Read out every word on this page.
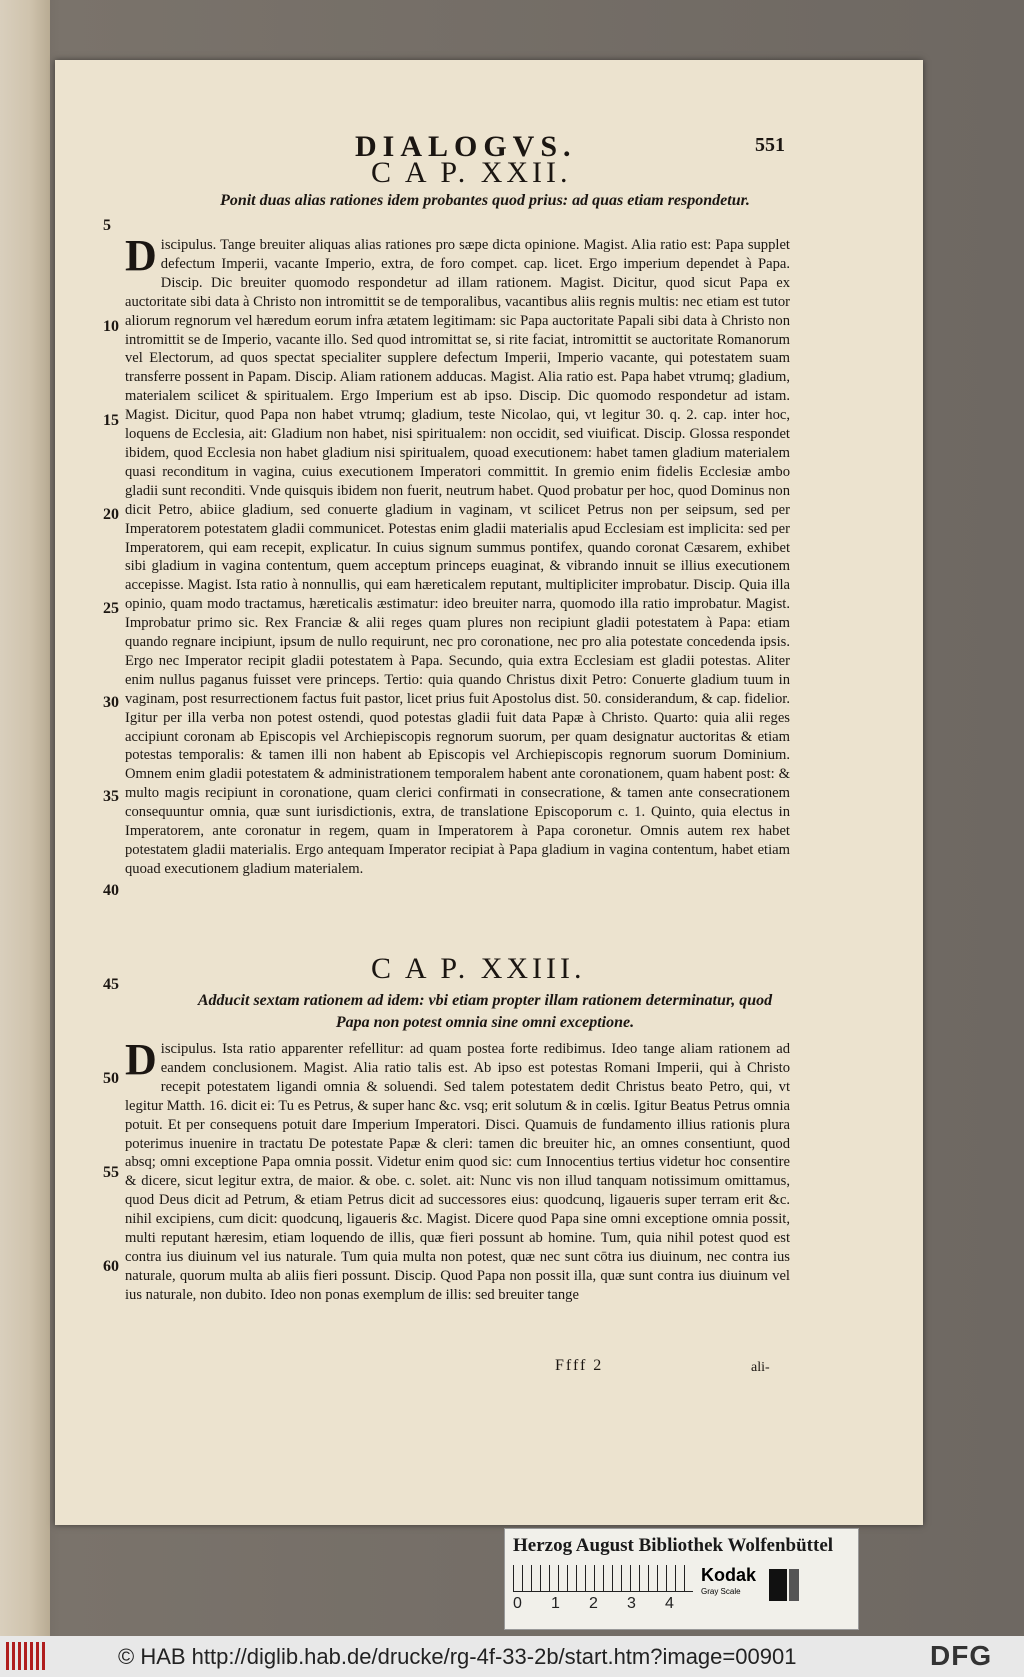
DIALOGVS.	551
C A P. XXII.
Ponit duas alias rationes idem probantes quod prius: ad quas etiam respondetur.

Discipulus. Tange breuiter aliquas alias rationes pro sæpe dicta opinione. Magist. Alia ratio est: Papa supplet defectum Imperii, vacante Imperio, extra, de foro compet. cap. licet. Ergo imperium dependet à Papa. Discip. Dic breuiter quomodo respondetur ad illam rationem. Magist. Dicitur, quod sicut Papa ex auctoritate sibi data à Christo non intromittit se de temporalibus, vacantibus aliis regnis multis: nec etiam est tutor aliorum regnorum vel hæredum eorum infra ætatem legitimam: sic Papa auctoritate Papali sibi data à Christo non intromittit se de Imperio, vacante illo. Sed quod intromittat se, si rite faciat, intromittit se auctoritate Romanorum vel Electorum, ad quos spectat specialiter supplere defectum Imperii, Imperio vacante, qui potestatem suam transferre possent in Papam. Discip. Aliam rationem adducas. Magist. Alia ratio est. Papa habet vtrumq; gladium, materialem scilicet & spiritualem. Ergo Imperium est ab ipso. Discip. Dic quomodo respondetur ad istam. Magist. Dicitur, quod Papa non habet vtrumq; gladium, teste Nicolao, qui, vt legitur 30. q. 2. cap. inter hoc, loquens de Ecclesia, ait: Gladium non habet, nisi spiritualem: non occidit, sed viuificat. Discip. Glossa respondet ibidem, quod Ecclesia non habet gladium nisi spiritualem, quoad executionem: habet tamen gladium materialem quasi reconditum in vagina, cuius executionem Imperatori committit. In gremio enim fidelis Ecclesiæ ambo gladii sunt reconditi. Vnde quisquis ibidem non fuerit, neutrum habet. Quod probatur per hoc, quod Dominus non dicit Petro, abiice gladium, sed conuerte gladium in vaginam, vt scilicet Petrus non per seipsum, sed per Imperatorem potestatem gladii communicet. Potestas enim gladii materialis apud Ecclesiam est implicita: sed per Imperatorem, qui eam recepit, explicatur. In cuius signum summus pontifex, quando coronat Cæsarem, exhibet sibi gladium in vagina contentum, quem acceptum princeps euaginat, & vibrando innuit se illius executionem accepisse. Magist. Ista ratio à nonnullis, qui eam hæreticalem reputant, multipliciter improbatur. Discip. Quia illa opinio, quam modo tractamus, hæreticalis æstimatur: ideo breuiter narra, quomodo illa ratio improbatur. Magist. Improbatur primo sic. Rex Franciæ & alii reges quam plures non recipiunt gladii potestatem à Papa: etiam quando regnare incipiunt, ipsum de nullo requirunt, nec pro coronatione, nec pro alia potestate concedenda ipsis. Ergo nec Imperator recipit gladii potestatem à Papa. Secundo, quia extra Ecclesiam est gladii potestas. Aliter enim nullus paganus fuisset vere princeps. Tertio: quia quando Christus dixit Petro: Conuerte gladium tuum in vaginam, post resurrectionem factus fuit pastor, licet prius fuit Apostolus dist. 50. considerandum, & cap. fidelior. Igitur per illa verba non potest ostendi, quod potestas gladii fuit data Papæ à Christo. Quarto: quia alii reges accipiunt coronam ab Episcopis vel Archiepiscopis regnorum suorum, per quam designatur auctoritas & etiam potestas temporalis: & tamen illi non habent ab Episcopis vel Archiepiscopis regnorum suorum Dominium. Omnem enim gladii potestatem & administrationem temporalem habent ante coronationem, quam habent post: & multo magis recipiunt in coronatione, quam clerici confirmati in consecratione, & tamen ante consecrationem consequuntur omnia, quæ sunt iurisdictionis, extra, de translatione Episcoporum c. 1. Quinto, quia electus in Imperatorem, ante coronatur in regem, quam in Imperatorem à Papa coronetur. Omnis autem rex habet potestatem gladii materialis. Ergo antequam Imperator recipiat à Papa gladium in vagina contentum, habet etiam quoad executionem gladium materialem.

C A P. XXIII.
Adducit sextam rationem ad idem: vbi etiam propter illam rationem determinatur, quod Papa non potest omnia sine omni exceptione.

Discipulus. Ista ratio apparenter refellitur: ad quam postea forte redibimus. Ideo tange aliam rationem ad eandem conclusionem. Magist. Alia ratio talis est. Ab ipso est potestas Romani Imperii, qui à Christo recepit potestatem ligandi omnia & soluendi. Sed talem potestatem dedit Christus beato Petro, qui, vt legitur Matth. 16. dicit ei: Tu es Petrus, & super hanc &c. vsq; erit solutum & in cœlis. Igitur Beatus Petrus omnia potuit. Et per consequens potuit dare Imperium Imperatori. Disci. Quamuis de fundamento illius rationis plura poterimus inuenire in tractatu De potestate Papæ & cleri: tamen dic breuiter hic, an omnes consentiunt, quod absq; omni exceptione Papa omnia possit. Videtur enim quod sic: cum Innocentius tertius videtur hoc consentire & dicere, sicut legitur extra, de maior. & obe. c. solet. ait: Nunc vis non illud tanquam notissimum omittamus, quod Deus dicit ad Petrum, & etiam Petrus dicit ad successores eius: quodcunq, ligaueris super terram erit &c. nihil excipiens, cum dicit: quodcunq, ligaueris &c. Magist. Dicere quod Papa sine omni exceptione omnia possit, multi reputant hæresim, etiam loquendo de illis, quæ fieri possunt ab homine. Tum, quia nihil potest quod est contra ius diuinum vel ius naturale. Tum quia multa non potest, quæ nec sunt cōtra ius diuinum, nec contra ius naturale, quorum multa ab aliis fieri possunt. Discip. Quod Papa non possit illa, quæ sunt contra ius diuinum vel ius naturale, non dubito. Ideo non ponas exemplum de illis: sed breuiter tange

5
10
15
20
25
30
35
40
45
50
55
60
Ffff 2	ali-
Herzog August Bibliothek Wolfenbüttel
0 1 2 3 4
Kodak
Gray Scale
© HAB http://diglib.hab.de/drucke/rg-4f-33-2b/start.htm?image=00901	DFG
